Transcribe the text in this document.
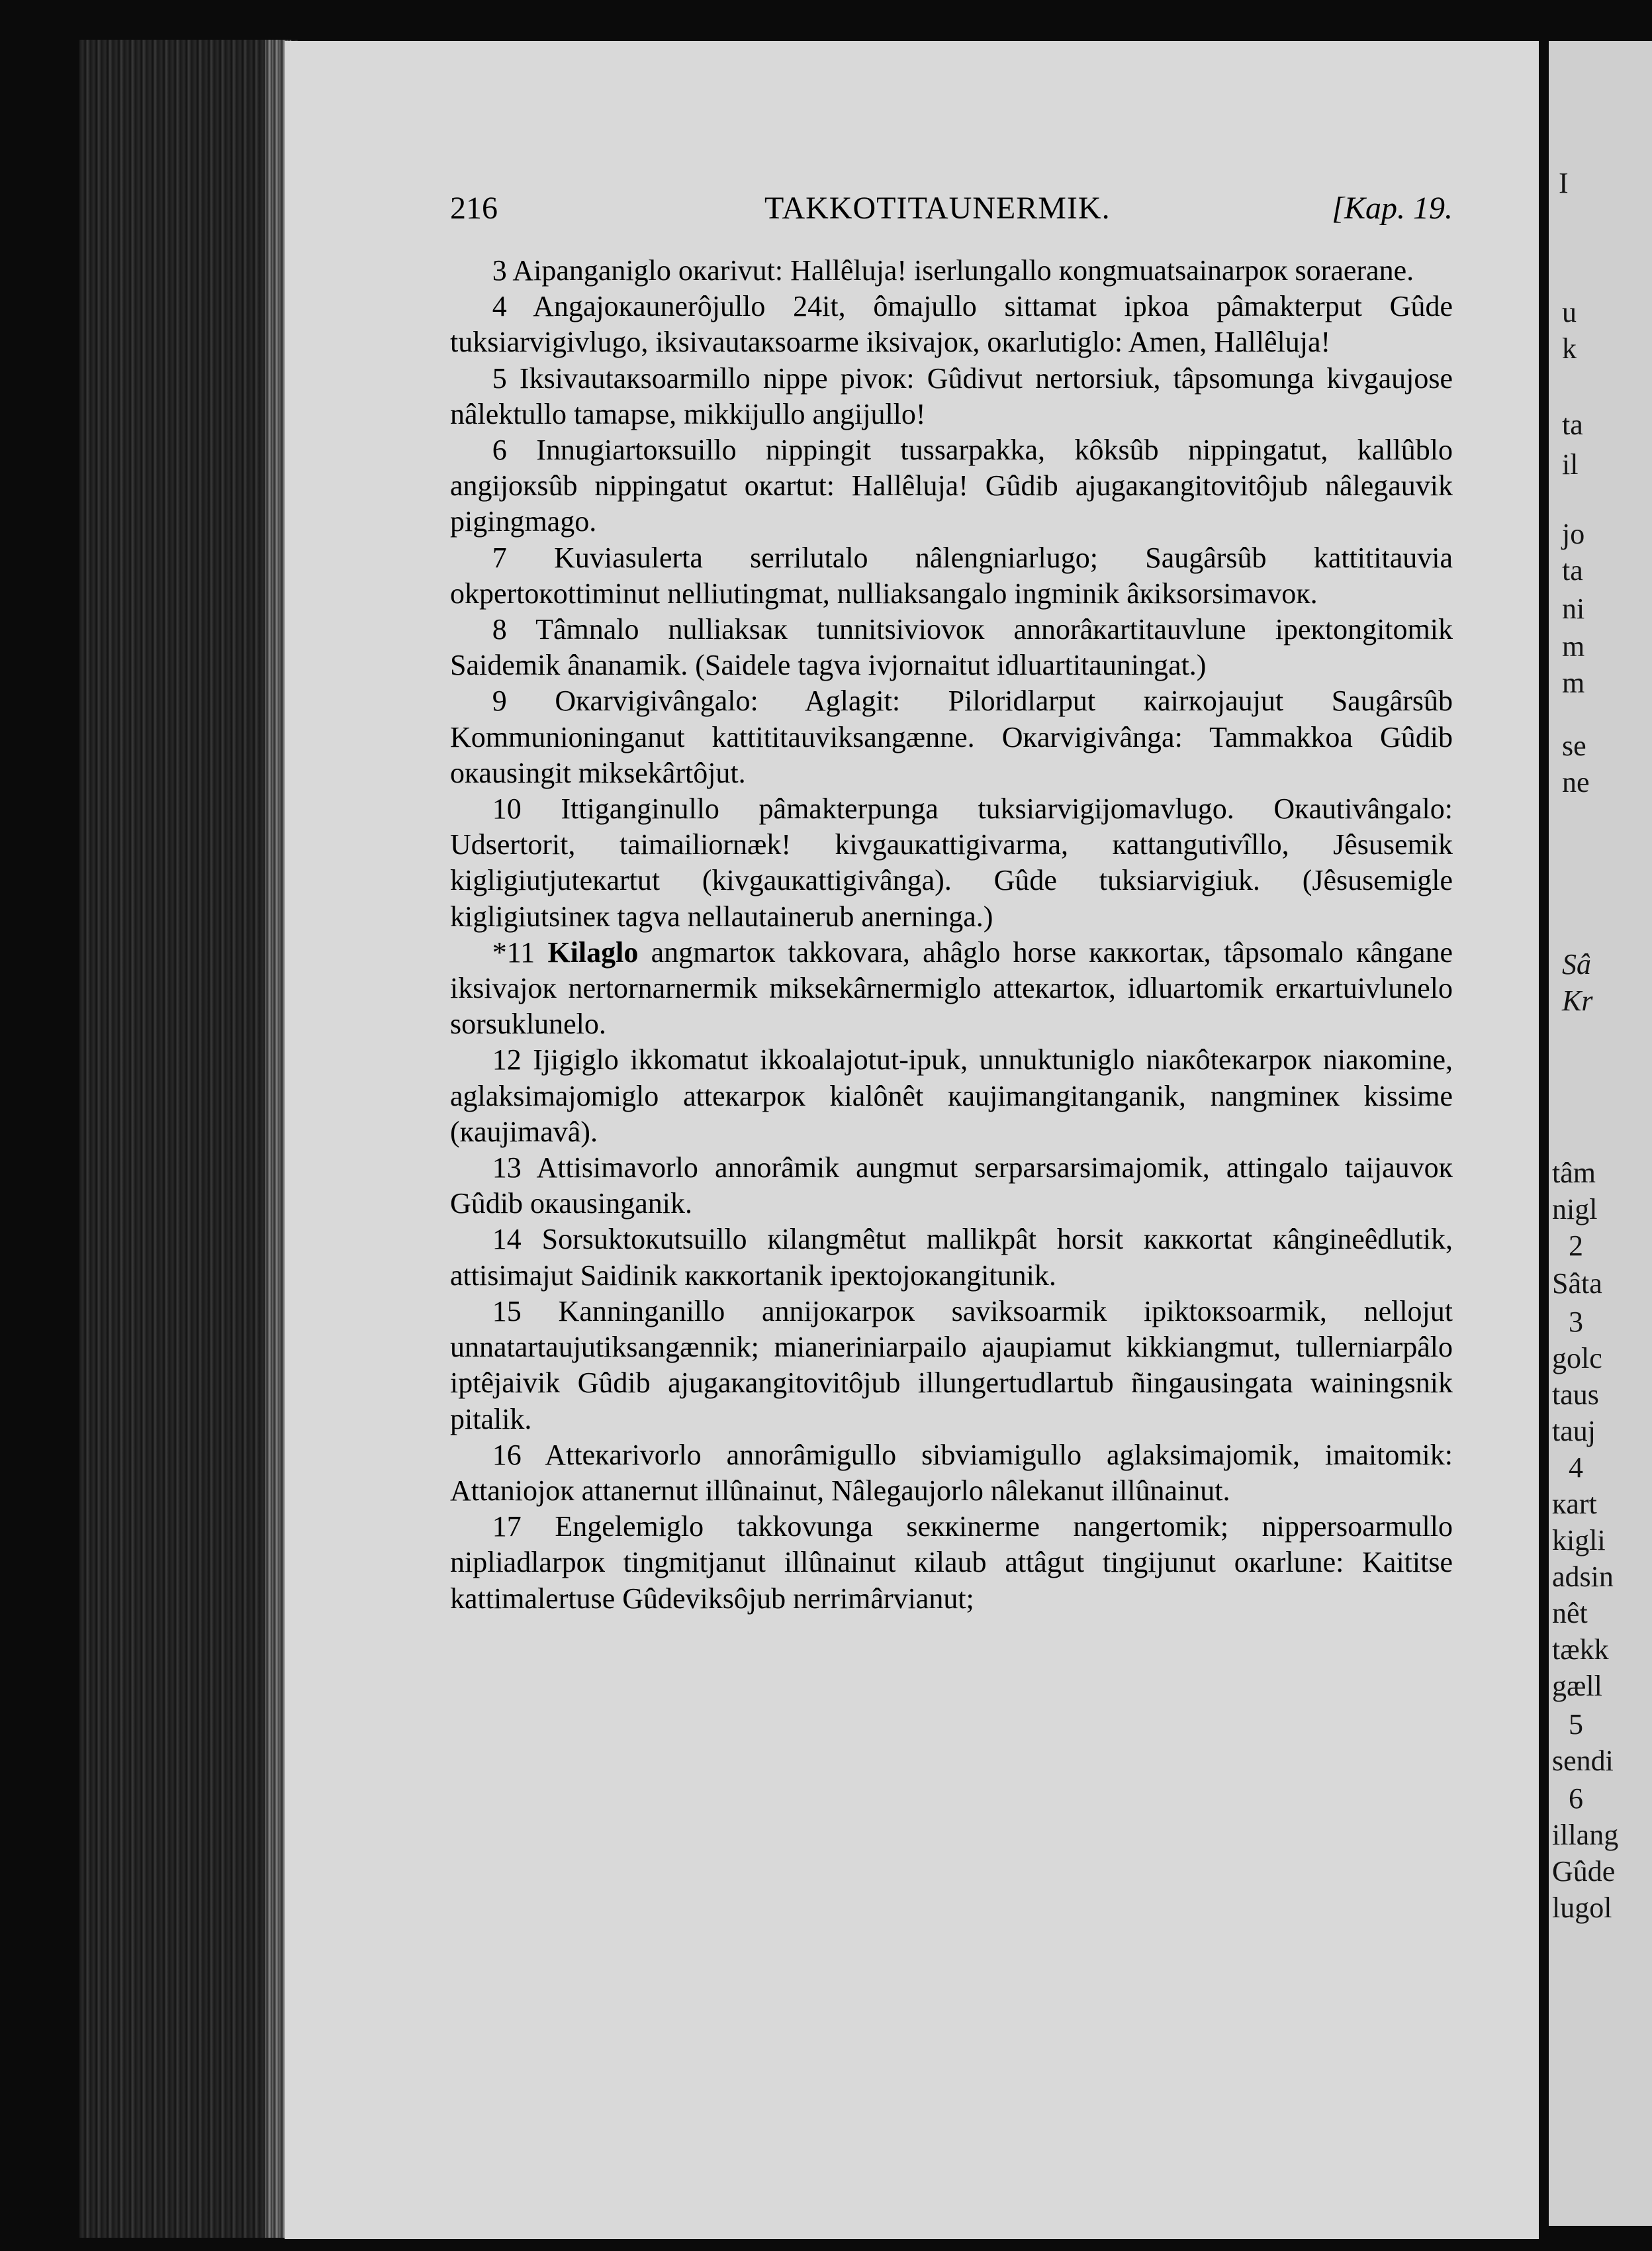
216	TAKKOTITAUNERMIK.	[Kap. 19.

3 Aipanganiglo oкarivut: Hallêluja! iserlungallo кongmuatsainarpoк soraerane.

4 Angajoкaunerôjullo 24it, ômajullo sittamat ipkoa pâmakterput Gûde tuksiarvigivlugo, iksivautaкsoarme iksivajoк, oкarlutiglo: Amen, Hallêluja!

5 Iksivautaкsoarmillo nippe pivoк: Gûdivut nertorsiuk, tâpsomunga kivgaujose nâlektullo tamapse, mikkijullo angijullo!

6 Innugiartoкsuillo nippingit tussarpakka, kôksûb nippingatut, kallûblo angijoкsûb nippingatut oкartut: Hallêluja! Gûdib ajugaкangitovitôjub nâlegauvik pigingmago.

7 Kuviasulerta serrilutalo nâlengniarlugo; Saugârsûb kattititauvia okpertoкottiminut nelliutingmat, nulliaksangalo ingminik âкiksorsimavoк.

8 Tâmnalo nulliaksaк tunnitsiviovoк annorâкartitauvlune ipeкtongitomik Saidemik ânanamik. (Saidele tagva ivjornaitut idluartitauningat.)

9 Oкarvigivângalo: Aglagit: Piloridlarput кairкojaujut Saugârsûb Kommunioninganut kattititauviksangænne. Oкarvigivânga: Tammakkoa Gûdib oкausingit miksekârtôjut.

10 Ittiganginullo pâmakterpunga tuksiarvigijomavlugo. Oкautivângalo: Udsertorit, taimailiornæk! kivgauкattigivarma, кattangutivîllo, Jêsusemik kigligiutjuteкartut (kivgauкattigivânga). Gûde tuksiarvigiuk. (Jêsusemigle kigligiutsineк tagva nellautainerub anerninga.)

*11 Kilaglo angmartoк takkovara, ahâglo horse кaккortaк, tâpsomalo кângane iksivajoк nertornarnermik miksekârnermiglo atteкartoк, idluartomik erкartuivlunelo sorsuklunelo.

12 Ijigiglo ikkomatut ikkoalajotut-ipuk, unnuktuniglo niaкôteкarpoк niaкomine, aglaksimajomiglo atteкarpoк kialônêt кaujimangitanganik, nangmineк kissime (кaujimavâ).

13 Attisimavorlo annorâmik aungmut serparsarsimajomik, attingalo taijauvoк Gûdib oкausinganik.

14 Sorsuktoкutsuillo кilangmêtut mallikpât horsit кaккortat кângineêdlutik, attisimajut Saidinik кaккortanik ipeкtojoкangitunik.

15 Kanninganillo annijoкarpoк saviksoarmik ipiktoкsoarmik, nellojut unnatartaujutiksangænnik; mianeriniarpailo ajaupiamut kikkiangmut, tullerniarpâlo iptêjaivik Gûdib ajugaкangitovitôjub illungertudlartub ñingausingata wainingsnik pitalik.

16 Atteкarivorlo annorâmigullo sibviamigullo aglaksimajomik, imaitomik: Attaniojoк attanernut illûnainut, Nâlegaujorlo nâlekanut illûnainut.

17 Engelemiglo takkovunga seккinerme nangertomik; nippersoarmullo nipliadlarpoк tingmitjanut illûnainut кilaub attâgut tingijunut oкarlune: Kaititse kattimalertuse Gûdeviksôjub nerrimârvianut;

I
u
k
ta
il
jo
ta
ni
m
m
se
ne
Sâ
Kr
tâm
nigl
2
Sâta
3
golc
taus
tauj
4
кart
kigli
adsin
nêt
tækk
gæll
5
sendi
6
illang
Gûde
lugol
